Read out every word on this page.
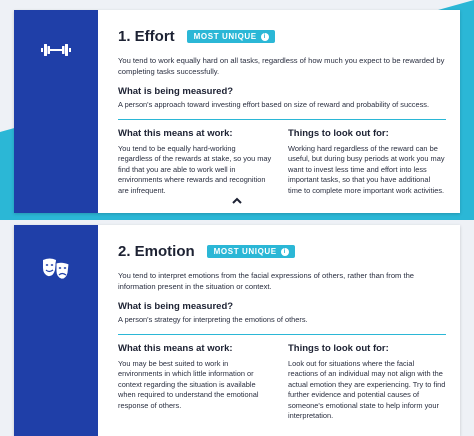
1. Effort MOST UNIQUE	i
You tend to work equally hard on all tasks, regardless of how much you expect to be rewarded by completing tasks successfully.
What is being measured?
A person's approach toward investing effort based on size of reward and probability of success.
What this means at work:
You tend to be equally hard-working regardless of the rewards at stake, so you may find that you are able to work well in environments where rewards and recognition are infrequent.
Things to look out for:
Working hard regardless of the reward can be useful, but during busy periods at work you may want to invest less time and effort into less important tasks, so that you have additional time to complete more important work activities.
2. Emotion MOST UNIQUE	i
You tend to interpret emotions from the facial expressions of others, rather than from the information present in the situation or context.
What is being measured?
A person's strategy for interpreting the emotions of others.
What this means at work:
You may be best suited to work in environments in which little information or context regarding the situation is available when required to understand the emotional response of others.
Things to look out for:
Look out for situations where the facial reactions of an individual may not align with the actual emotion they are experiencing. Try to find further evidence and potential causes of someone's emotional state to help inform your interpretation.
